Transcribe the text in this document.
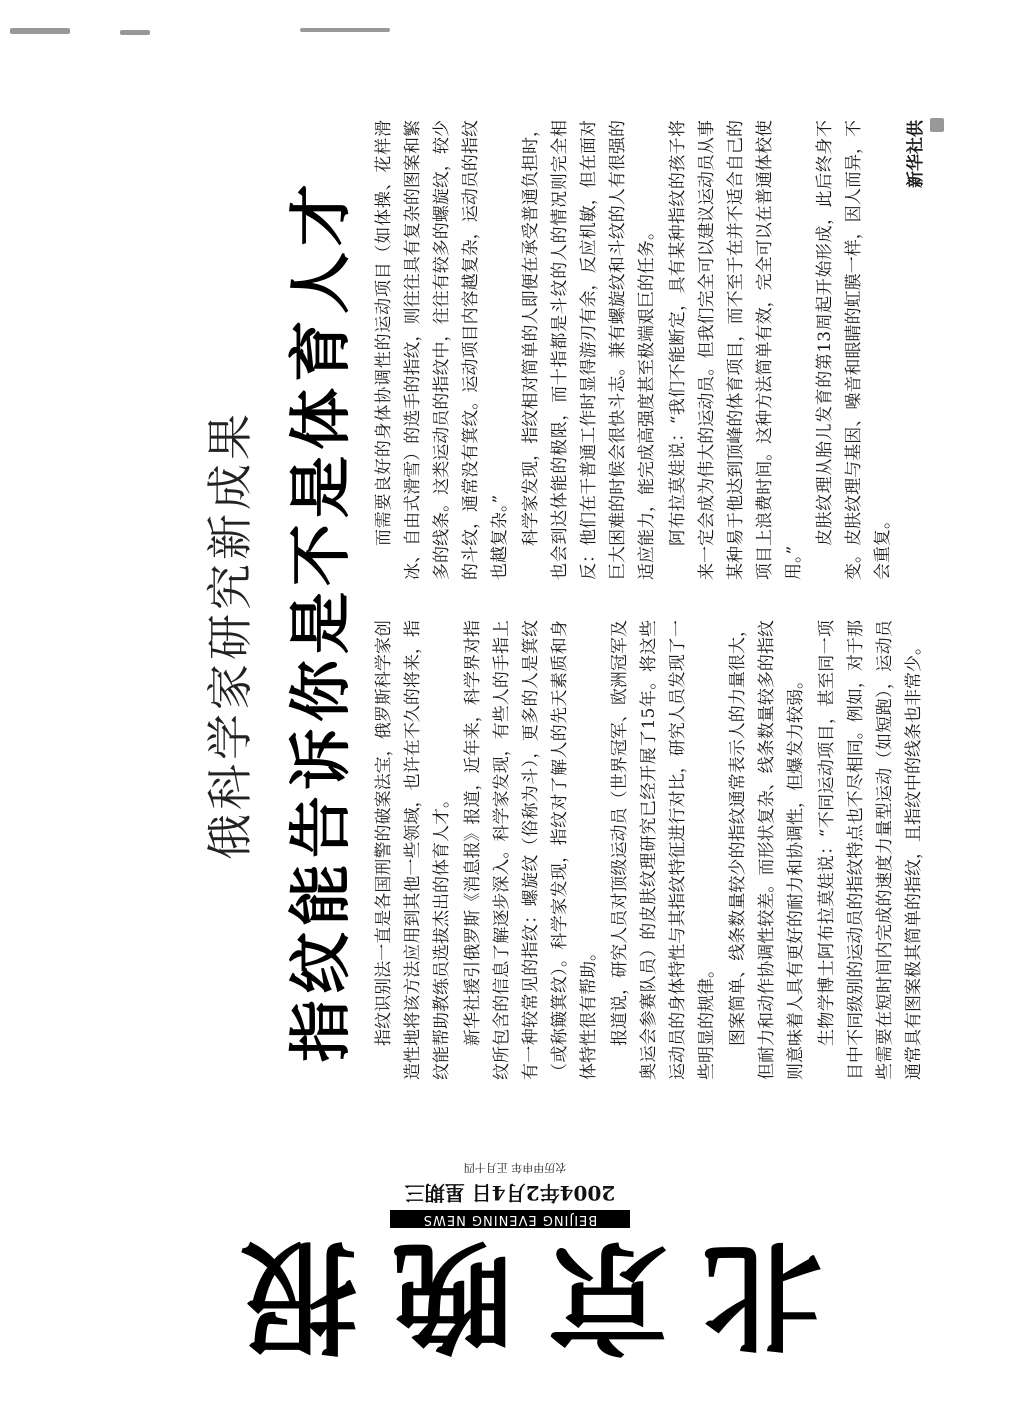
俄科学家研究新成果 指纹能告诉你是不是体育人才 指纹识别法一直是各国刑警的破案法宝，俄罗斯科学家创造性地将该方法应用到其他一些领域，也许在不久的将来，指纹能帮助教练员选拔杰出的体育人才。 新华社援引俄罗斯《消息报》报道，近年来，科学界对指纹所包含的信息了解逐步深入。科学家发现，有些人的手指上有一种较常见的指纹：螺旋纹（俗称为斗），更多的人是箕纹（或称簸箕纹）。科学家发现，指纹对了解人的先天素质和身体特性很有帮助。 报道说，研究人员对顶级运动员（世界冠军、欧洲冠军及奥运会参赛队员）的皮肤纹理研究已经开展了15年。将这些运动员的身体特性与其指纹特征进行对比，研究人员发现了一些明显的规律。 图案简单、线条数量较少的指纹通常表示人的力量很大，但耐力和动作协调性较差。而形状复杂、线条数量较多的指纹则意味着人具有更好的耐力和协调性，但爆发力较弱。 生物学博士阿布拉莫娃说：“不同运动项目，甚至同一项目中不同级别的运动员的指纹特点也不尽相同。例如，对于那些需要在短时间内完成的速度力量型运动（如短跑），运动员通常具有图案极其简单的指纹，且指纹中的线条也非常少。

而需要良好的身体协调性的运动项目（如体操、花样滑冰、自由式滑雪）的选手的指纹，则往往具有复杂的图案和繁多的线条。这类运动员的指纹中，往往有较多的螺旋纹，较少的斗纹，通常没有箕纹。运动项目内容越复杂，运动员的指纹也越复杂。” 科学家发现，指纹相对简单的人即便在承受普通负担时，也会到达体能的极限，而十指都是斗纹的人的情况则完全相反：他们在干普通工作时显得游刃有余，反应机敏，但在面对巨大困难的时候会很快斗志。兼有螺旋纹和斗纹的人有很强的适应能力，能完成高强度甚至极端艰巨的任务。 阿布拉莫娃说：“我们不能断定，具有某种指纹的孩子将来一定会成为伟大的运动员。但我们完全可以建议运动员从事某种易于他达到顶峰的体育项目，而不至于在并不适合自己的项目上浪费时间。这种方法简单有效，完全可以在普通体校使用。”

皮肤纹理从胎儿发育的第13周起开始形成，此后终身不变。皮肤纹理与基因、噪音和眼睛的虹膜一样，因人而异，不会重复。

新华社供
农历甲申年 正月十四
2004年2月4日 星期三
BEIJING EVENING NEWS
北
京
晚
报
